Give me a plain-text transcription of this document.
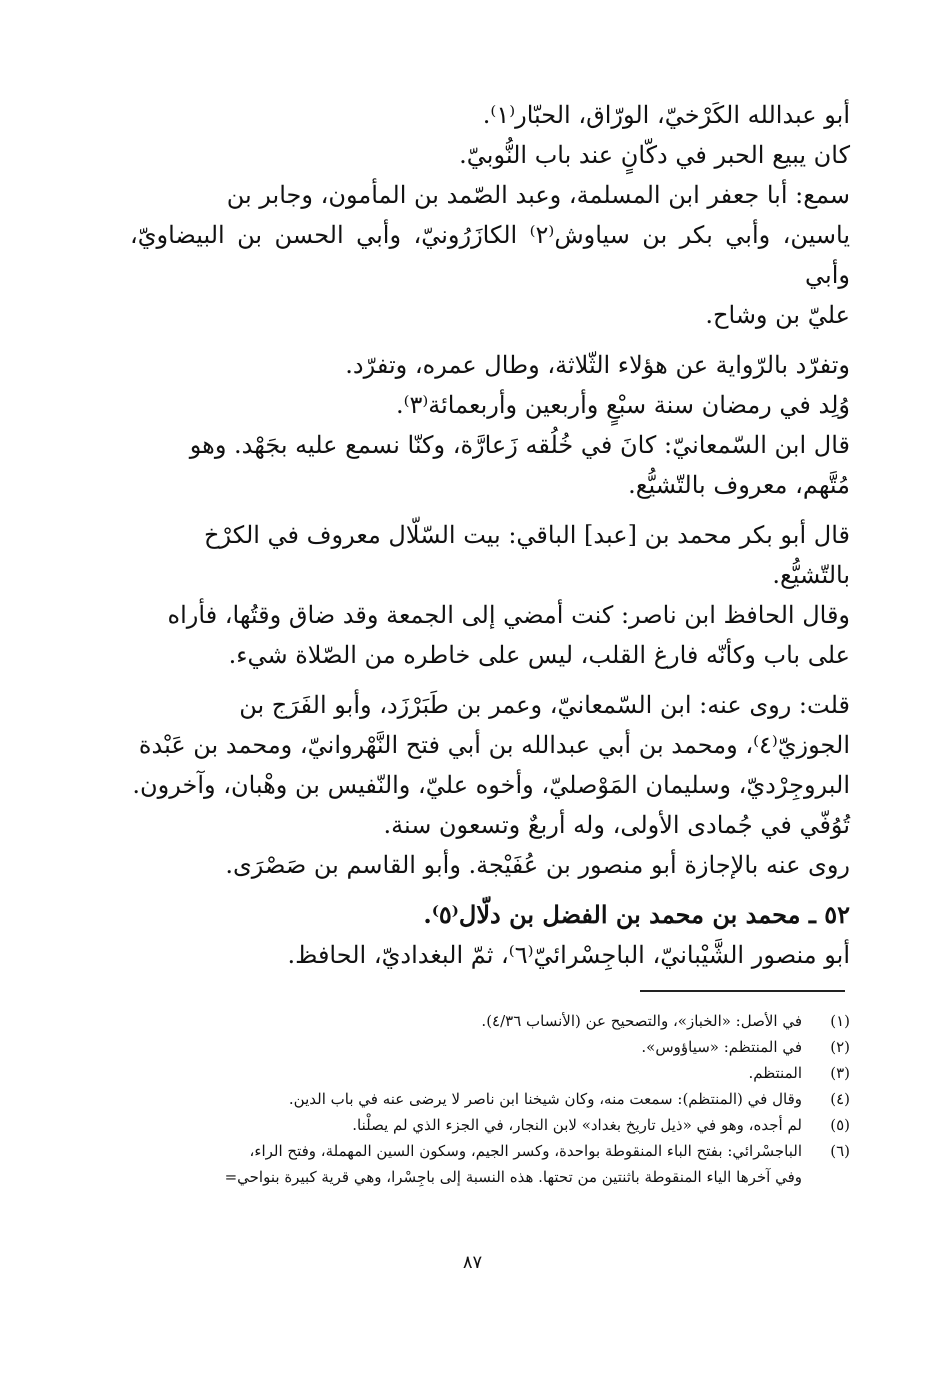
أبو عبدالله الكَرْخيّ، الورّاق، الحبّار⁽١⁾.

كان يبيع الحبر في دكّانٍ عند باب النُّوبيّ.

سمع: أبا جعفر ابن المسلمة، وعبد الصّمد بن المأمون، وجابر بن

ياسين، وأبي بكر بن سياوش⁽٢⁾ الكازَرُونيّ، وأبي الحسن بن البيضاويّ، وأبي

عليّ بن وشاح.

وتفرّد بالرّواية عن هؤلاء الثّلاثة، وطال عمره، وتفرّد.

وُلِد في رمضان سنة سبْعٍ وأربعين وأربعمائة⁽٣⁾.

قال ابن السّمعانيّ: كانَ في خُلُقه زَعارَّة، وكنّا نسمع عليه بجَهْد. وهو

مُتَّهم، معروف بالتّشيُّع.

قال أبو بكر محمد بن [عبد] الباقي: بيت السّلّال معروف في الكرْخ

بالتّشيُّع.

وقال الحافظ ابن ناصر: كنت أمضي إلى الجمعة وقد ضاق وقتُها، فأراه

على باب وكأنّه فارغ القلب، ليس على خاطره من الصّلاة شيء.

قلت: روى عنه: ابن السّمعانيّ، وعمر بن طَبَرْزَد، وأبو الفَرَج بن

الجوزيّ⁽٤⁾، ومحمد بن أبي عبدالله بن أبي فتح النَّهْروانيّ، ومحمد بن عَبْدة

البروجِرْديّ، وسليمان المَوْصليّ، وأخوه عليّ، والنّفيس بن وهْبان، وآخرون.

تُوُفّي في جُمادى الأولى، وله أربعٌ وتسعون سنة.

روى عنه بالإجازة أبو منصور بن عُفَيْجة. وأبو القاسم بن صَصْرَى.

٥٢ ـ محمد بن محمد بن الفضل بن دلّال⁽٥⁾.

أبو منصور الشَّيْبانيّ، الباجِسْرائيّ⁽٦⁾، ثمّ البغداديّ، الحافظ.

(١)
في الأصل: «الخباز»، والتصحيح عن (الأنساب ٤/٣٦).
(٢)
في المنتظم: «سياؤوس».
(٣)
المنتظم.
(٤)
وقال في (المنتظم): سمعت منه، وكان شيخنا ابن ناصر لا يرضى عنه في باب الدين.
(٥)
لم أجده، وهو في «ذيل تاريخ بغداد» لابن النجار، في الجزء الذي لم يصلْنا.
(٦)
الباجسْرائي: بفتح الباء المنقوطة بواحدة، وكسر الجيم، وسكون السين المهملة، وفتح الراء،
وفي آخرها الياء المنقوطة باثنتين من تحتها. هذه النسبة إلى باجِسْرا، وهي قرية كبيرة بنواحي=
٨٧
